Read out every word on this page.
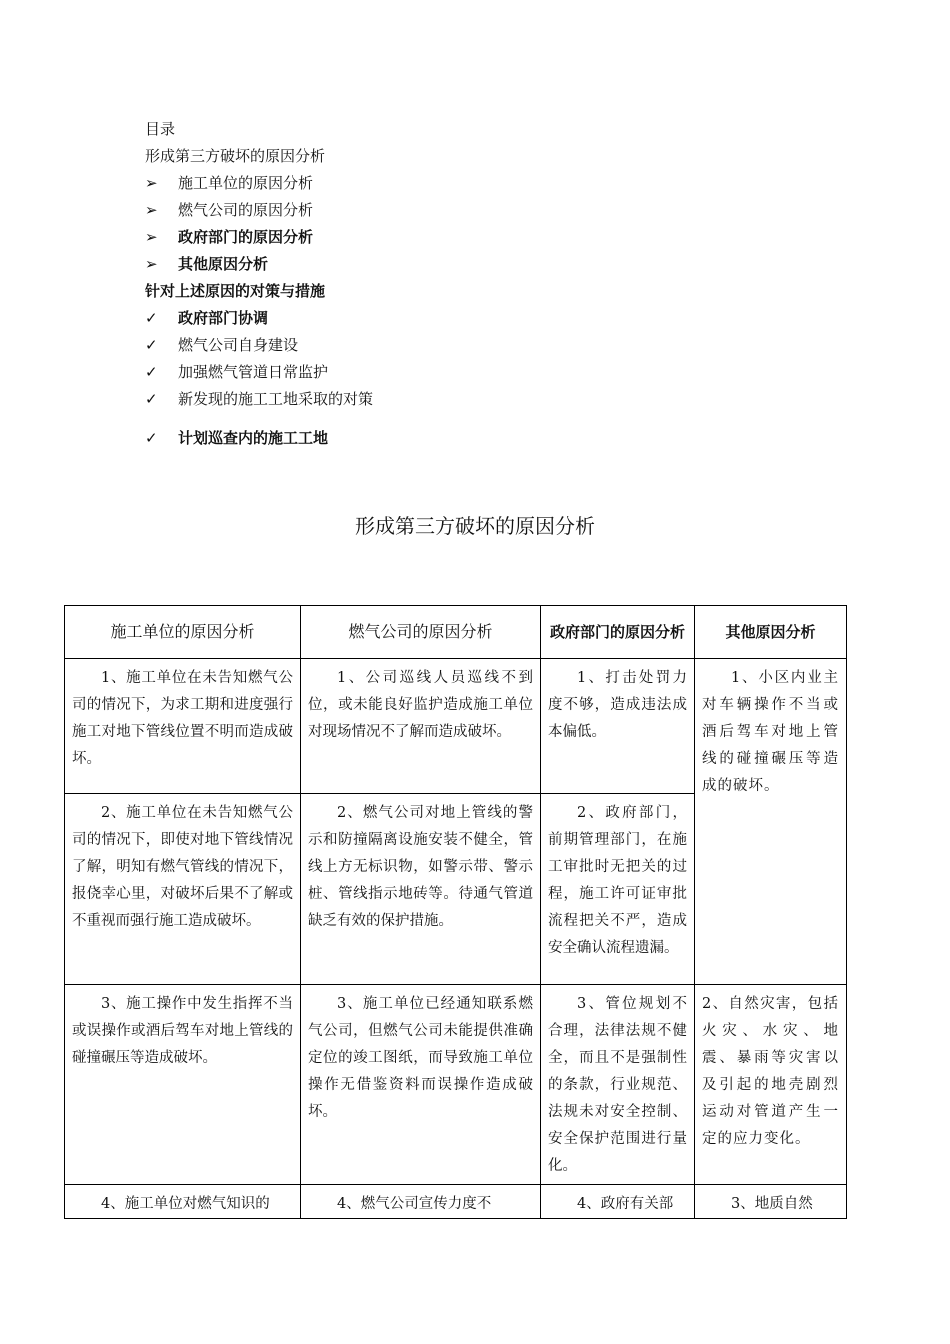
目录
形成第三方破坏的原因分析
➢ 施工单位的原因分析
➢ 燃气公司的原因分析
➢ 政府部门的原因分析
➢ 其他原因分析
针对上述原因的对策与措施
✓ 政府部门协调
✓ 燃气公司自身建设
✓ 加强燃气管道日常监护
✓ 新发现的施工工地采取的对策
✓ 计划巡查内的施工工地
形成第三方破坏的原因分析
施工单位的原因分析	燃气公司的原因分析	政府部门的原因分析	其他原因分析
1、施工单位在未告知燃气公司的情况下，为求工期和进度强行施工对地下管线位置不明而造成破坏。	1、公司巡线人员巡线不到位，或未能良好监护造成施工单位对现场情况不了解而造成破坏。	1、打击处罚力度不够，造成违法成本偏低。	1、小区内业主对车辆操作不当或酒后驾车对地上管线的碰撞碾压等造成的破坏。
2、施工单位在未告知燃气公司的情况下，即使对地下管线情况了解，明知有燃气管线的情况下，报侥幸心里，对破坏后果不了解或不重视而强行施工造成破坏。	2、燃气公司对地上管线的警示和防撞隔离设施安装不健全，管线上方无标识物，如警示带、警示桩、管线指示地砖等。待通气管道缺乏有效的保护措施。	2、政府部门，前期管理部门，在施工审批时无把关的过程，施工许可证审批流程把关不严，造成安全确认流程遗漏。	
3、施工操作中发生指挥不当或误操作或酒后驾车对地上管线的碰撞碾压等造成破坏。	3、施工单位已经通知联系燃气公司，但燃气公司未能提供准确定位的竣工图纸，而导致施工单位操作无借鉴资料而误操作造成破坏。	3、管位规划不合理，法律法规不健全，而且不是强制性的条款，行业规范、法规未对安全控制、安全保护范围进行量化。	2、自然灾害，包括火灾、水灾、地震、暴雨等灾害以及引起的地壳剧烈运动对管道产生一定的应力变化。
4、施工单位对燃气知识的	4、燃气公司宣传力度不	4、政府有关部	3、地质自然
